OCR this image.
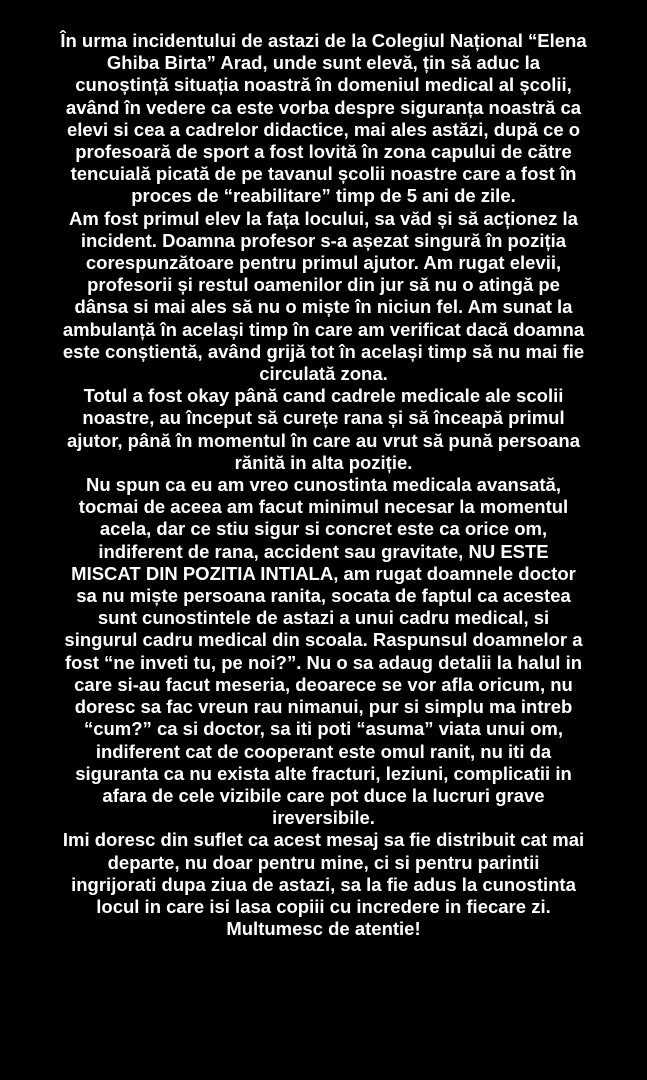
În urma incidentului de astazi de la Colegiul Național “Elena
Ghiba Birta” Arad, unde sunt elevă, țin să aduc la
cunoștință situația noastră în domeniul medical al școlii,
având în vedere ca este vorba despre siguranța noastră ca
elevi si cea a cadrelor didactice, mai ales astăzi, după ce o
profesoară de sport a fost lovită în zona capului de către
tencuială picată de pe tavanul școlii noastre care a fost în
proces de “reabilitare” timp de 5 ani de zile.
Am fost primul elev la fața locului, sa văd și să acționez la
incident. Doamna profesor s-a așezat singură în poziția
corespunzătoare pentru primul ajutor. Am rugat elevii,
profesorii și restul oamenilor din jur să nu o atingă pe
dânsa si mai ales să nu o miște în niciun fel. Am sunat la
ambulanță în același timp în care am verificat dacă doamna
este conștientă, având grijă tot în același timp să nu mai fie
circulată zona.
Totul a fost okay până cand cadrele medicale ale scolii
noastre, au început să curețe rana și să înceapă primul
ajutor, până în momentul în care au vrut să pună persoana
rănită in alta poziție.
Nu spun ca eu am vreo cunostinta medicala avansată,
tocmai de aceea am facut minimul necesar la momentul
acela, dar ce stiu sigur si concret este ca orice om,
indiferent de rana, accident sau gravitate, NU ESTE
MISCAT DIN POZITIA INTIALA, am rugat doamnele doctor
sa nu miște persoana ranita, socata de faptul ca acestea
sunt cunostintele de astazi a unui cadru medical, si
singurul cadru medical din scoala. Raspunsul doamnelor a
fost “ne inveti tu, pe noi?”. Nu o sa adaug detalii la halul in
care si-au facut meseria, deoarece se vor afla oricum, nu
doresc sa fac vreun rau nimanui, pur si simplu ma intreb
“cum?” ca si doctor, sa iti poti “asuma” viata unui om,
indiferent cat de cooperant este omul ranit, nu iti da
siguranta ca nu exista alte fracturi, leziuni, complicatii in
afara de cele vizibile care pot duce la lucruri grave
ireversibile.
Imi doresc din suflet ca acest mesaj sa fie distribuit cat mai
departe, nu doar pentru mine, ci si pentru parintii
ingrijorati dupa ziua de astazi, sa la fie adus la cunostinta
locul in care isi lasa copiii cu incredere in fiecare zi.
Multumesc de atentie!
